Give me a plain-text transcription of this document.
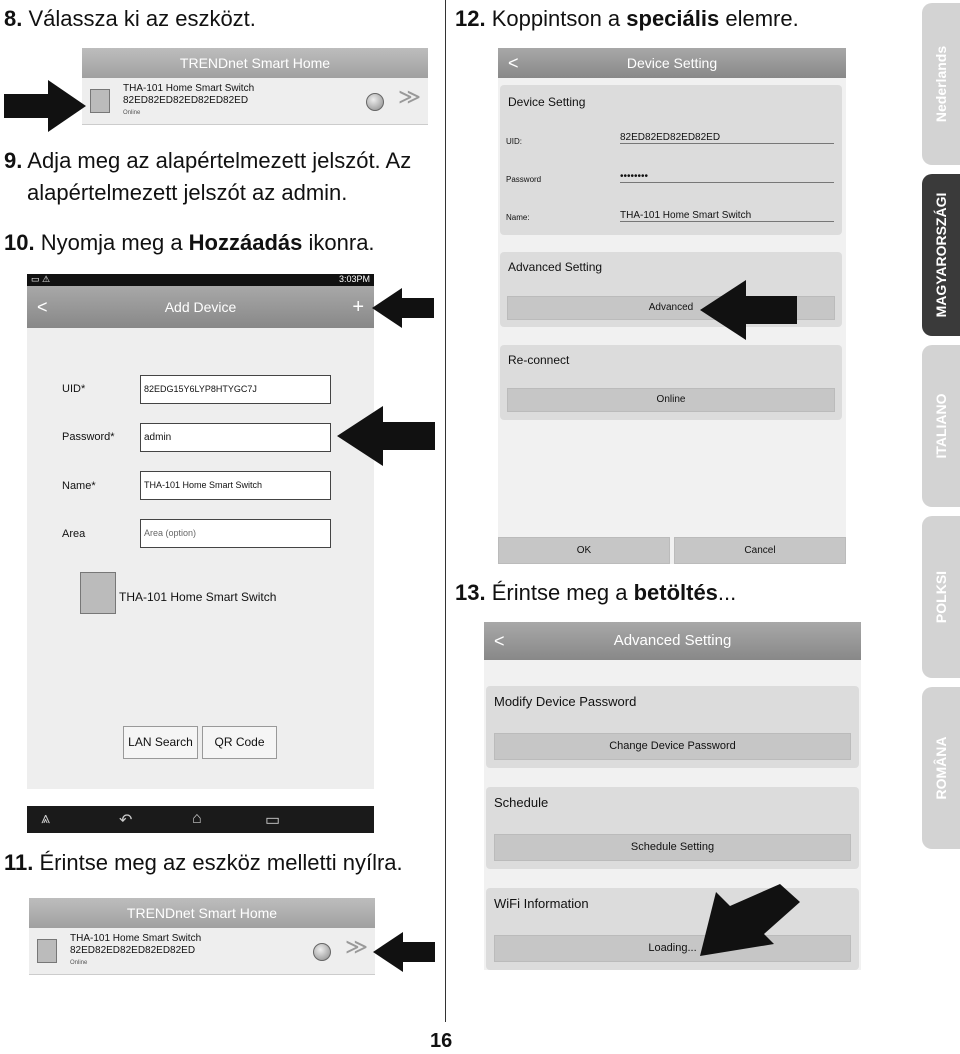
8. Válassza ki az eszközt.
TRENDnet Smart Home
THA-101 Home Smart Switch
82ED82ED82ED82ED82ED
Online
≫
9. Adja meg az alapértelmezett jelszót. Az
alapértelmezett jelszót az admin.
10. Nyomja meg a Hozzáadás ikonra.
▭ ⚠	3:03PM
<	Add Device	+
UID*	82EDG15Y6LYP8HTYGC7J
Password*	admin
Name*	THA-101 Home Smart Switch
Area	Area (option)
THA-101 Home Smart Switch
LAN Search	QR Code
⩓	↶	⌂	▭
11. Érintse meg az eszköz melletti nyílra.
TRENDnet Smart Home
THA-101 Home Smart Switch
82ED82ED82ED82ED82ED
Online
≫
12. Koppintson a speciális elemre.
<	Device Setting
Device Setting
UID:	82ED82ED82ED82ED
Password	••••••••
Name:	THA-101 Home Smart Switch
Advanced Setting
Advanced
Re-connect
Online
OK	Cancel
13. Érintse meg a betöltés...
<	Advanced Setting
Modify Device Password
Change Device Password
Schedule
Schedule Setting
WiFi Information
Loading...
Nederlands
MAGYARORSZÁGI
ITALIANO
POLKSI
ROMÂNA
16
